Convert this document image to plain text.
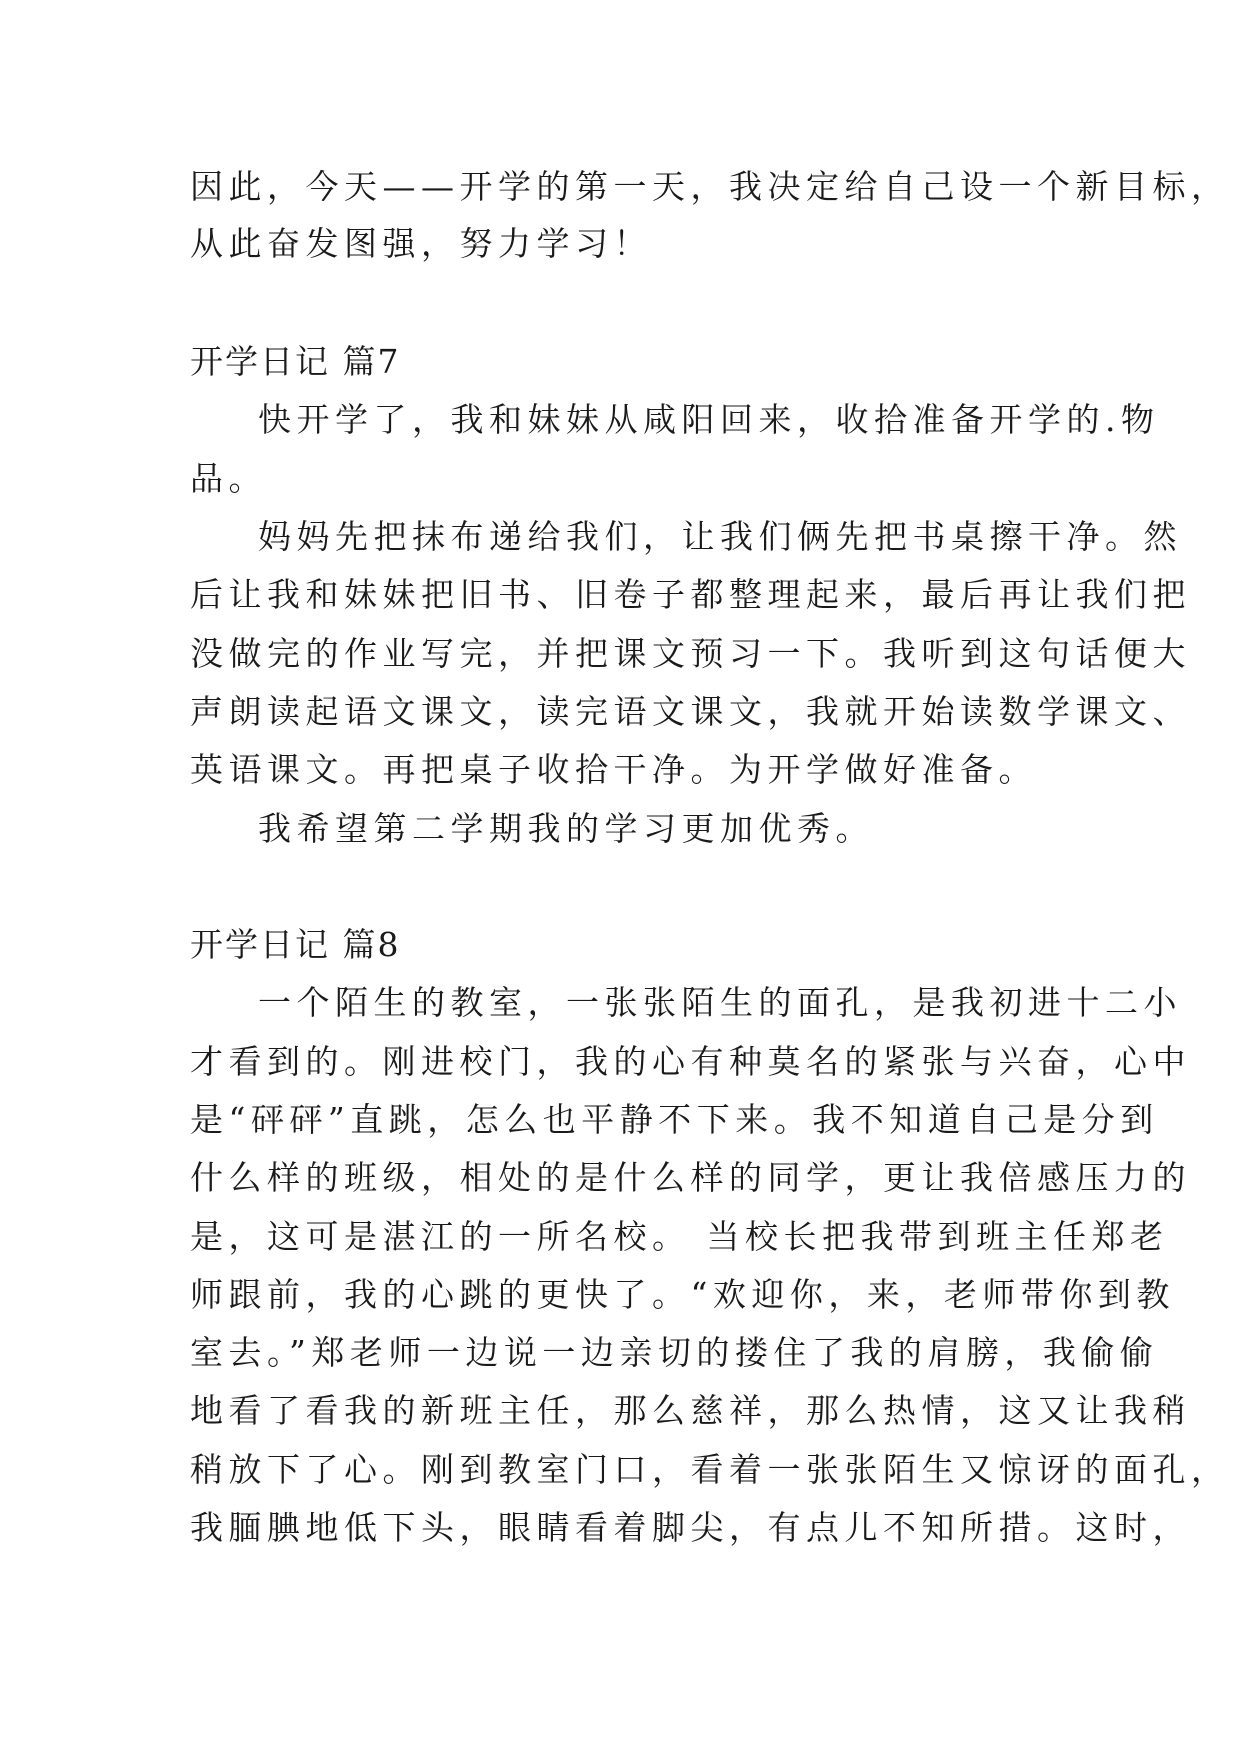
因此，今天——开学的第一天，我决定给自己设一个新目标，
从此奋发图强，努力学习！
开学日记 篇7
快开学了，我和妹妹从咸阳回来，收拾准备开学的.物
品。
妈妈先把抹布递给我们，让我们俩先把书桌擦干净。然
后让我和妹妹把旧书、旧卷子都整理起来，最后再让我们把
没做完的作业写完，并把课文预习一下。我听到这句话便大
声朗读起语文课文，读完语文课文，我就开始读数学课文、
英语课文。再把桌子收拾干净。为开学做好准备。
我希望第二学期我的学习更加优秀。
开学日记 篇8
一个陌生的教室，一张张陌生的面孔，是我初进十二小
才看到的。刚进校门，我的心有种莫名的紧张与兴奋，心中
是“砰砰”直跳，怎么也平静不下来。我不知道自己是分到
什么样的班级，相处的是什么样的同学，更让我倍感压力的
是，这可是湛江的一所名校。 当校长把我带到班主任郑老
师跟前，我的心跳的更快了。“欢迎你，来，老师带你到教
室去。”郑老师一边说一边亲切的搂住了我的肩膀，我偷偷
地看了看我的新班主任，那么慈祥，那么热情，这又让我稍
稍放下了心。刚到教室门口，看着一张张陌生又惊讶的面孔，
我腼腆地低下头，眼睛看着脚尖，有点儿不知所措。这时，
